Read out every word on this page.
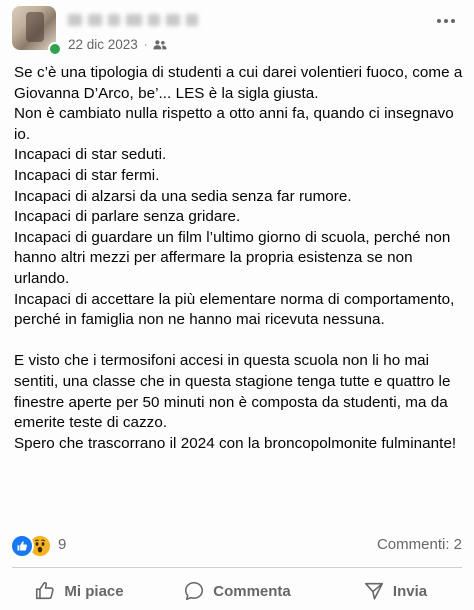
22 dic 2023 ·

Se c’è una tipologia di studenti a cui darei volentieri fuoco, come a Giovanna D’Arco, be’... LES è la sigla giusta.

Non è cambiato nulla rispetto a otto anni fa, quando ci insegnavo io.

Incapaci di star seduti.

Incapaci di star fermi.

Incapaci di alzarsi da una sedia senza far rumore.

Incapaci di parlare senza gridare.

Incapaci di guardare un film l’ultimo giorno di scuola, perché non hanno altri mezzi per affermare la propria esistenza se non urlando.

Incapaci di accettare la più elementare norma di comportamento, perché in famiglia non ne hanno mai ricevuta nessuna.

E visto che i termosifoni accesi in questa scuola non li ho mai sentiti, una classe che in questa stagione tenga tutte e quattro le finestre aperte per 50 minuti non è composta da studenti, ma da emerite teste di cazzo.

Spero che trascorrano il 2024 con la broncopolmonite fulminante!

9	Commenti: 2
Mi piace	Commenta	Invia
